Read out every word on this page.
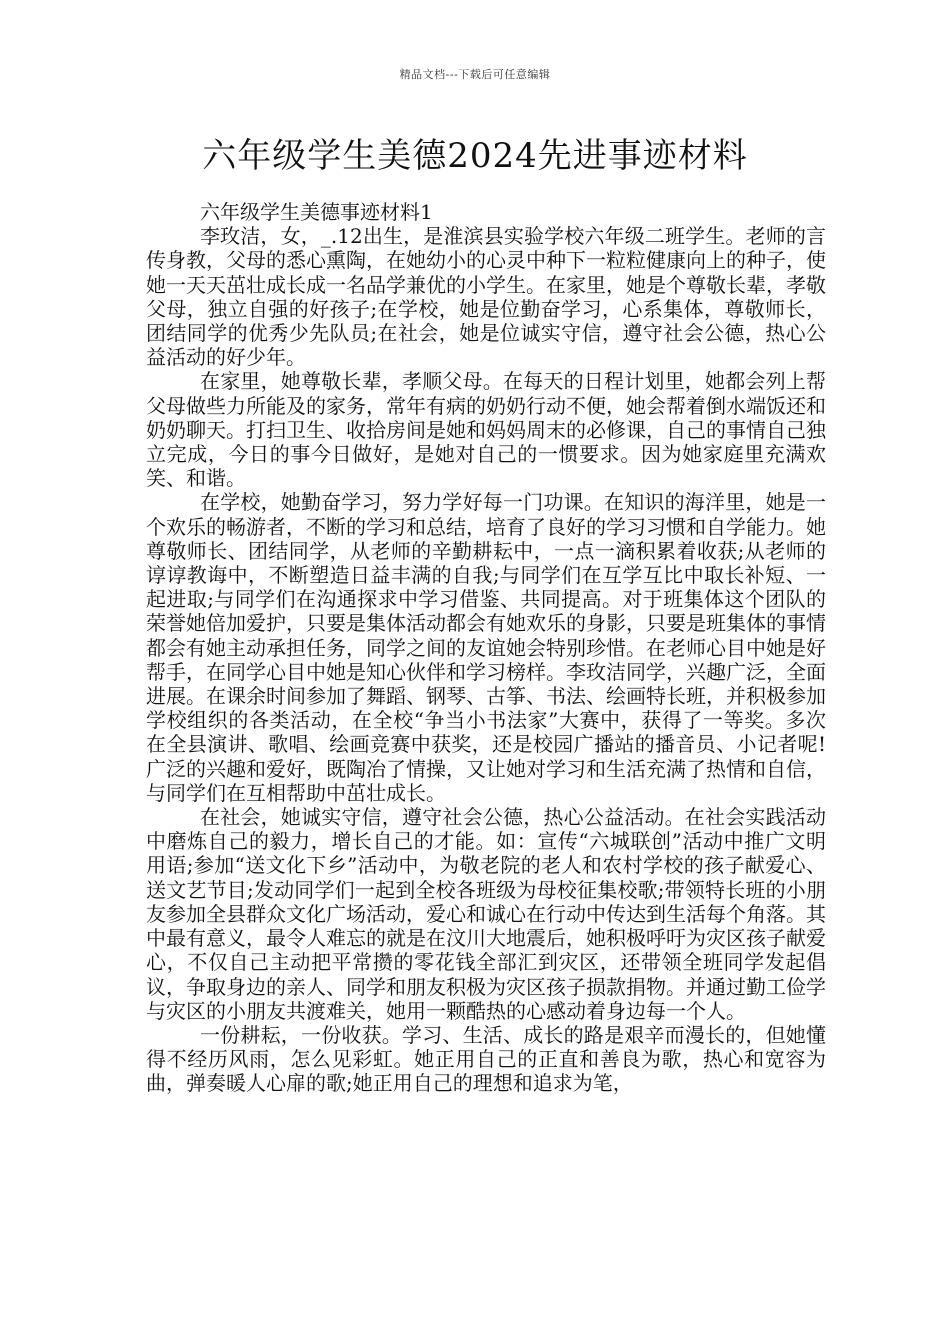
精品文档---下载后可任意编辑
六年级学生美德2024先进事迹材料
六年级学生美德事迹材料1

李玫洁，女，_.12出生，是淮滨县实验学校六年级二班学生。老师的言传身教，父母的悉心熏陶，在她幼小的心灵中种下一粒粒健康向上的种子，使她一天天茁壮成长成一名品学兼优的小学生。在家里，她是个尊敬长辈，孝敬父母，独立自强的好孩子;在学校，她是位勤奋学习，心系集体，尊敬师长，团结同学的优秀少先队员;在社会，她是位诚实守信，遵守社会公德，热心公益活动的好少年。

在家里，她尊敬长辈，孝顺父母。在每天的日程计划里，她都会列上帮父母做些力所能及的家务，常年有病的奶奶行动不便，她会帮着倒水端饭还和奶奶聊天。打扫卫生、收拾房间是她和妈妈周末的必修课，自己的事情自己独立完成，今日的事今日做好，是她对自己的一惯要求。因为她家庭里充满欢笑、和谐。

在学校，她勤奋学习，努力学好每一门功课。在知识的海洋里，她是一个欢乐的畅游者，不断的学习和总结，培育了良好的学习习惯和自学能力。她尊敬师长、团结同学，从老师的辛勤耕耘中，一点一滴积累着收获;从老师的谆谆教诲中，不断塑造日益丰满的自我;与同学们在互学互比中取长补短、一起进取;与同学们在沟通探求中学习借鉴、共同提高。对于班集体这个团队的荣誉她倍加爱护，只要是集体活动都会有她欢乐的身影，只要是班集体的事情都会有她主动承担任务，同学之间的友谊她会特别珍惜。在老师心目中她是好帮手，在同学心目中她是知心伙伴和学习榜样。李玫洁同学，兴趣广泛，全面进展。在课余时间参加了舞蹈、钢琴、古筝、书法、绘画特长班，并积极参加学校组织的各类活动，在全校“争当小书法家”大赛中，获得了一等奖。多次在全县演讲、歌唱、绘画竞赛中获奖，还是校园广播站的播音员、小记者呢!广泛的兴趣和爱好，既陶冶了情操，又让她对学习和生活充满了热情和自信，与同学们在互相帮助中茁壮成长。

在社会，她诚实守信，遵守社会公德，热心公益活动。在社会实践活动中磨炼自己的毅力，增长自己的才能。如：宣传“六城联创”活动中推广文明用语;参加“送文化下乡”活动中，为敬老院的老人和农村学校的孩子献爱心、送文艺节目;发动同学们一起到全校各班级为母校征集校歌;带领特长班的小朋友参加全县群众文化广场活动，爱心和诚心在行动中传达到生活每个角落。其中最有意义，最令人难忘的就是在汶川大地震后，她积极呼吁为灾区孩子献爱心，不仅自己主动把平常攒的零花钱全部汇到灾区，还带领全班同学发起倡议，争取身边的亲人、同学和朋友积极为灾区孩子损款捐物。并通过勤工俭学与灾区的小朋友共渡难关，她用一颗酷热的心感动着身边每一个人。

一份耕耘，一份收获。学习、生活、成长的路是艰辛而漫长的，但她懂得不经历风雨，怎么见彩虹。她正用自己的正直和善良为歌，热心和宽容为曲，弹奏暖人心扉的歌;她正用自己的理想和追求为笔，
